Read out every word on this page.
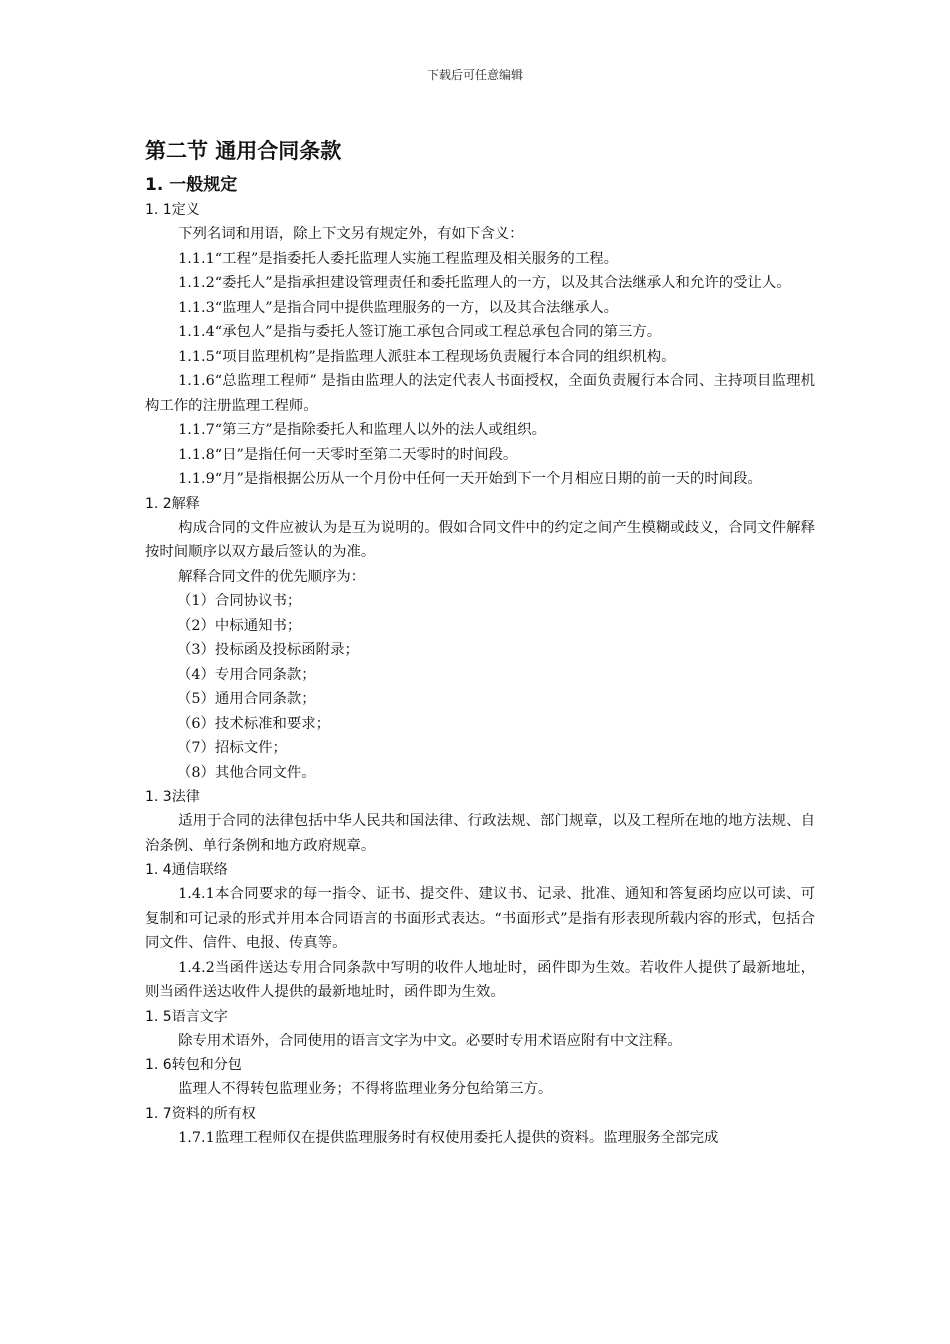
下载后可任意编辑
第二节 通用合同条款
1. 一般规定
1. 1定义
下列名词和用语，除上下文另有规定外，有如下含义：
1.1.1“工程”是指委托人委托监理人实施工程监理及相关服务的工程。
1.1.2“委托人”是指承担建设管理责任和委托监理人的一方，以及其合法继承人和允许的受让人。
1.1.3“监理人”是指合同中提供监理服务的一方，以及其合法继承人。
1.1.4“承包人”是指与委托人签订施工承包合同或工程总承包合同的第三方。
1.1.5“项目监理机构”是指监理人派驻本工程现场负责履行本合同的组织机构。
1.1.6“总监理工程师” 是指由监理人的法定代表人书面授权，全面负责履行本合同、主持项目监理机构工作的注册监理工程师。
1.1.7“第三方”是指除委托人和监理人以外的法人或组织。
1.1.8“日”是指任何一天零时至第二天零时的时间段。
1.1.9“月”是指根据公历从一个月份中任何一天开始到下一个月相应日期的前一天的时间段。
1. 2解释
构成合同的文件应被认为是互为说明的。假如合同文件中的约定之间产生模糊或歧义，合同文件解释按时间顺序以双方最后签认的为准。
解释合同文件的优先顺序为：
（1）合同协议书；
（2）中标通知书；
（3）投标函及投标函附录；
（4）专用合同条款；
（5）通用合同条款；
（6）技术标准和要求；
（7）招标文件；
（8）其他合同文件。
1. 3法律
适用于合同的法律包括中华人民共和国法律、行政法规、部门规章，以及工程所在地的地方法规、自治条例、单行条例和地方政府规章。
1. 4通信联络
1.4.1本合同要求的每一指令、证书、提交件、建议书、记录、批准、通知和答复函均应以可读、可复制和可记录的形式并用本合同语言的书面形式表达。“书面形式”是指有形表现所载内容的形式，包括合同文件、信件、电报、传真等。
1.4.2当函件送达专用合同条款中写明的收件人地址时，函件即为生效。若收件人提供了最新地址，则当函件送达收件人提供的最新地址时，函件即为生效。
1. 5语言文字
除专用术语外，合同使用的语言文字为中文。必要时专用术语应附有中文注释。
1. 6转包和分包
监理人不得转包监理业务；不得将监理业务分包给第三方。
1. 7资料的所有权
1.7.1监理工程师仅在提供监理服务时有权使用委托人提供的资料。监理服务全部完成
